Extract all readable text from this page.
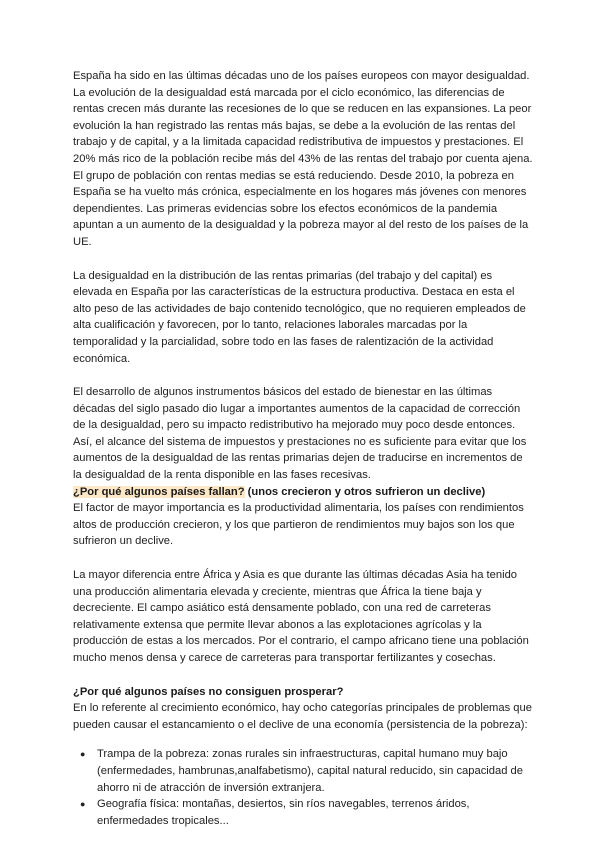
España ha sido en las últimas décadas uno de los países europeos con mayor desigualdad. La evolución de la desigualdad está marcada por el ciclo económico, las diferencias de rentas crecen más durante las recesiones de lo que se reducen en las expansiones. La peor evolución la han registrado las rentas más bajas, se debe a la evolución de las rentas del trabajo y de capital, y a la limitada capacidad redistributiva de impuestos y prestaciones. El 20% más rico de la población recibe más del 43% de las rentas del trabajo por cuenta ajena. El grupo de población con rentas medias se está reduciendo. Desde 2010, la pobreza en España se ha vuelto más crónica, especialmente en los hogares más jóvenes con menores dependientes. Las primeras evidencias sobre los efectos económicos de la pandemia apuntan a un aumento de la desigualdad y la pobreza mayor al del resto de los países de la UE.

La desigualdad en la distribución de las rentas primarias (del trabajo y del capital) es elevada en España por las características de la estructura productiva. Destaca en esta el alto peso de las actividades de bajo contenido tecnológico, que no requieren empleados de alta cualificación y favorecen, por lo tanto, relaciones laborales marcadas por la temporalidad y la parcialidad, sobre todo en las fases de ralentización de la actividad económica.

El desarrollo de algunos instrumentos básicos del estado de bienestar en las últimas décadas del siglo pasado dio lugar a importantes aumentos de la capacidad de corrección de la desigualdad, pero su impacto redistributivo ha mejorado muy poco desde entonces. Así, el alcance del sistema de impuestos y prestaciones no es suficiente para evitar que los aumentos de la desigualdad de las rentas primarias dejen de traducirse en incrementos de la desigualdad de la renta disponible en las fases recesivas.

¿Por qué algunos países fallan? (unos crecieron y otros sufrieron un declive)

El factor de mayor importancia es la productividad alimentaria, los países con rendimientos altos de producción crecieron, y los que partieron de rendimientos muy bajos son los que sufrieron un declive.

La mayor diferencia entre África y Asia es que durante las últimas décadas Asia ha tenido una producción alimentaria elevada y creciente, mientras que África la tiene baja y decreciente. El campo asiático está densamente poblado, con una red de carreteras relativamente extensa que permite llevar abonos a las explotaciones agrícolas y la producción de estas a los mercados. Por el contrario, el campo africano tiene una población mucho menos densa y carece de carreteras para transportar fertilizantes y cosechas.

¿Por qué algunos países no consiguen prosperar?

En lo referente al crecimiento económico, hay ocho categorías principales de problemas que pueden causar el estancamiento o el declive de una economía (persistencia de la pobreza):

● Trampa de la pobreza: zonas rurales sin infraestructuras, capital humano muy bajo (enfermedades, hambrunas,analfabetismo), capital natural reducido, sin capacidad de ahorro ni de atracción de inversión extranjera.
● Geografía física: montañas, desiertos, sin ríos navegables, terrenos áridos, enfermedades tropicales...
